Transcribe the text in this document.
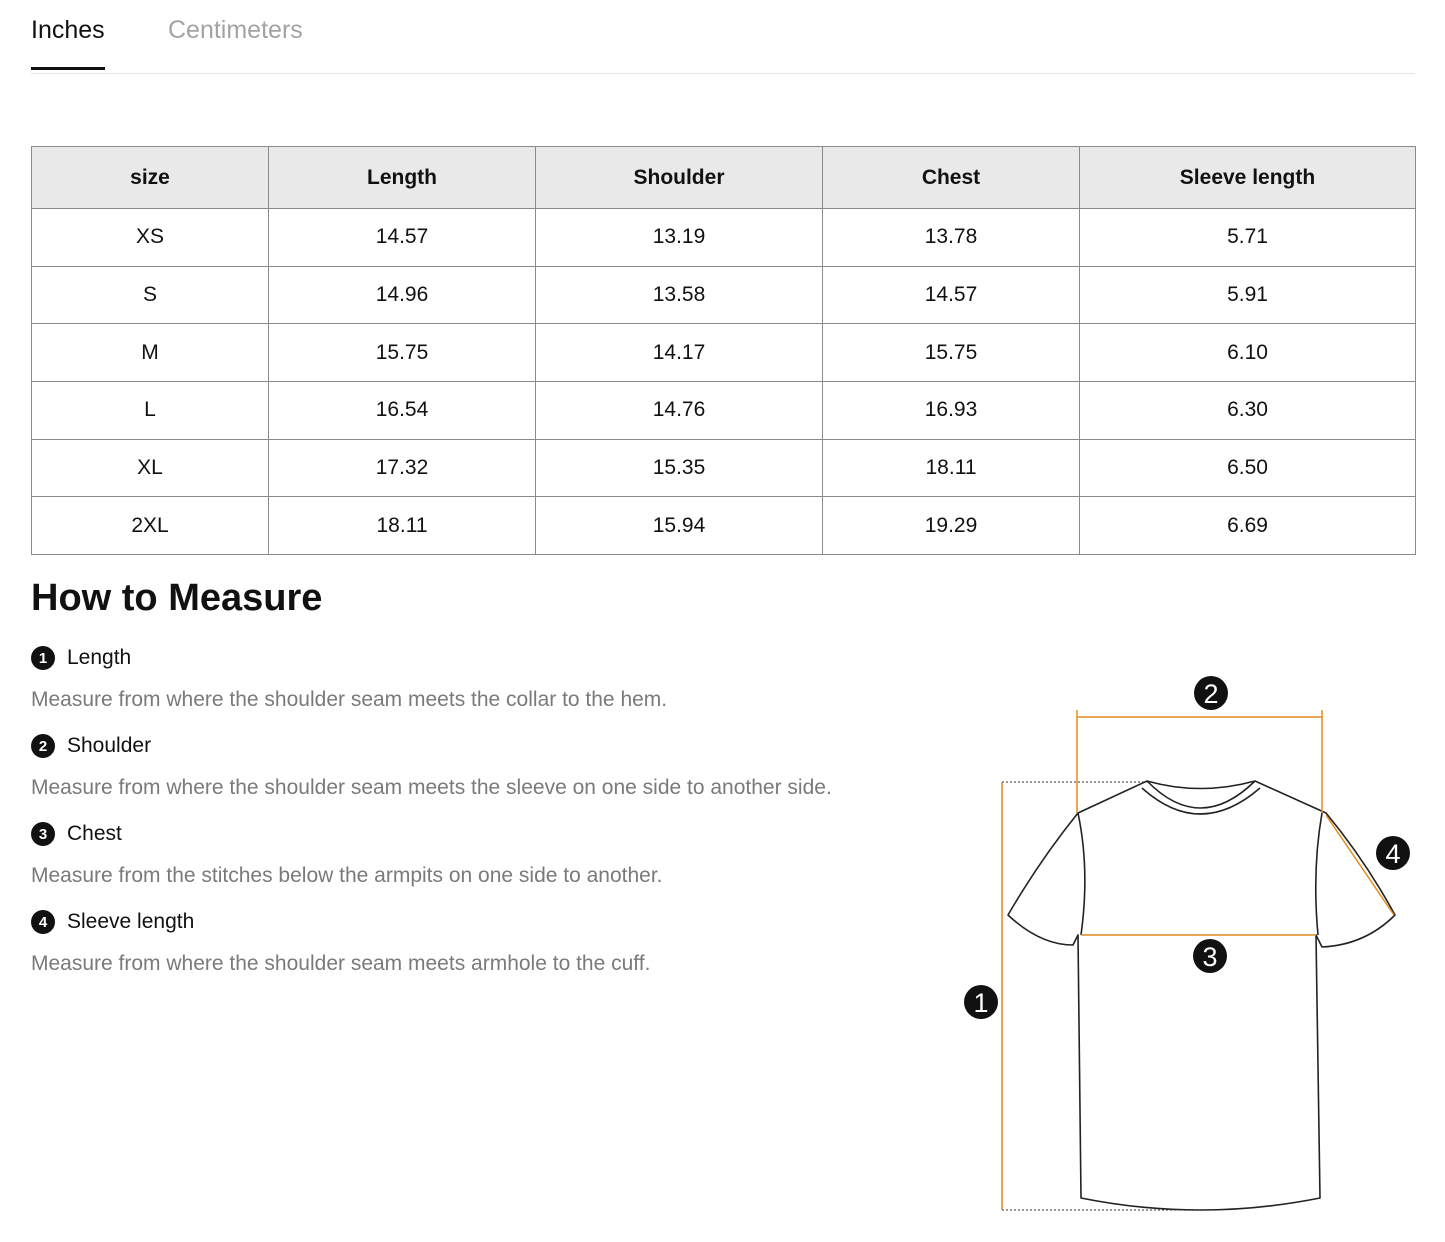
Inches	Centimeters
size	Length	Shoulder	Chest	Sleeve length
XS	14.57	13.19	13.78	5.71
S	14.96	13.58	14.57	5.91
M	15.75	14.17	15.75	6.10
L	16.54	14.76	16.93	6.30
XL	17.32	15.35	18.11	6.50
2XL	18.11	15.94	19.29	6.69
How to Measure
1 Length
Measure from where the shoulder seam meets the collar to the hem.
2 Shoulder
Measure from where the shoulder seam meets the sleeve on one side to another side.
3 Chest
Measure from the stitches below the armpits on one side to another.
4 Sleeve length
Measure from where the shoulder seam meets armhole to the cuff.
2
4
3
1
